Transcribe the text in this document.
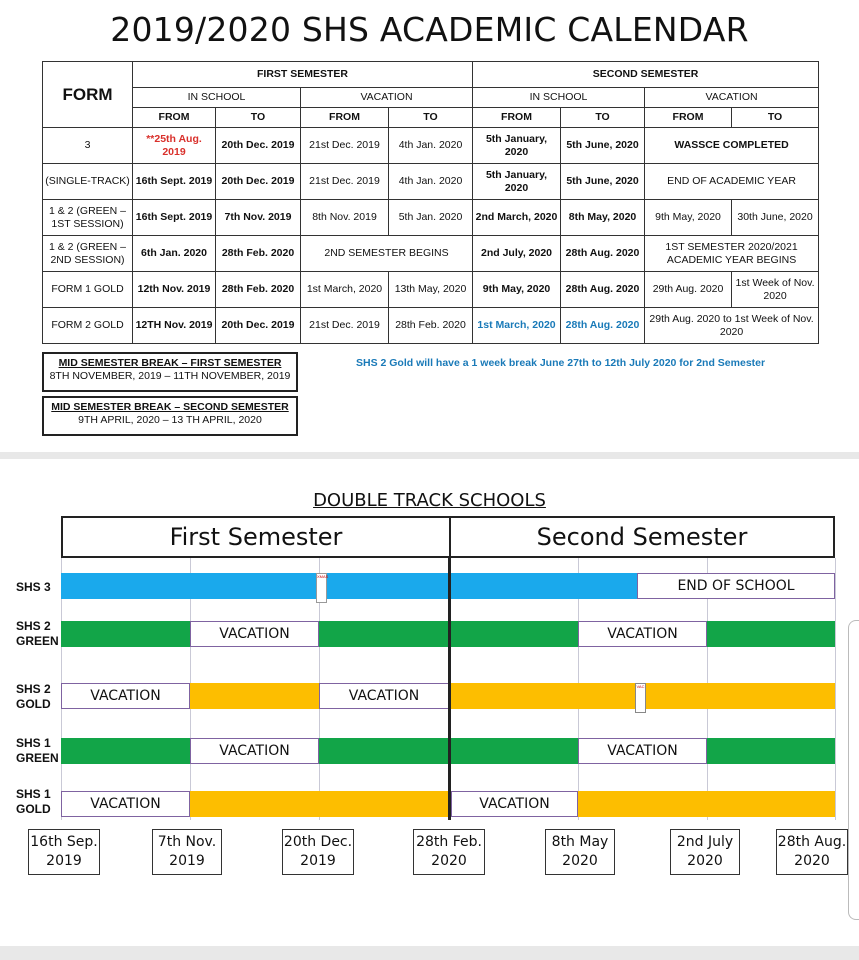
2019/2020 SHS ACADEMIC CALENDAR
FORM	FIRST SEMESTER				SECOND SEMESTER			
	IN SCHOOL		VACATION		IN SCHOOL		VACATION	
	FROM	TO	FROM	TO	FROM	TO	FROM	TO
3	**25th Aug. 2019	20th Dec. 2019	21st Dec. 2019	4th Jan. 2020	5th January, 2020	5th June, 2020	WASSCE COMPLETED	
(SINGLE-TRACK)	16th Sept. 2019	20th Dec. 2019	21st Dec. 2019	4th Jan. 2020	5th January, 2020	5th June, 2020	END OF ACADEMIC YEAR	
1 & 2 (GREEN – 1ST SESSION)	16th Sept. 2019	7th Nov. 2019	8th Nov. 2019	5th Jan. 2020	2nd March, 2020	8th May, 2020	9th May, 2020	30th June, 2020
1 & 2 (GREEN – 2ND SESSION)	6th Jan. 2020	28th Feb. 2020	2ND SEMESTER BEGINS		2nd July, 2020	28th Aug. 2020	1ST SEMESTER 2020/2021 ACADEMIC YEAR BEGINS	
FORM 1 GOLD	12th Nov. 2019	28th Feb. 2020	1st March, 2020	13th May, 2020	9th May, 2020	28th Aug. 2020	29th Aug. 2020	1st Week of Nov. 2020
FORM 2 GOLD	12TH Nov. 2019	20th Dec. 2019	21st Dec. 2019	28th Feb. 2020	1st March, 2020	28th Aug. 2020	29th Aug. 2020 to 1st Week of Nov. 2020	
MID SEMESTER BREAK – FIRST SEMESTER
8TH NOVEMBER, 2019 – 11TH NOVEMBER, 2019
MID SEMESTER BREAK – SECOND SEMESTER
9TH APRIL, 2020 – 13 TH APRIL, 2020
SHS 2 Gold will have a 1 week break June 27th to 12th July 2020 for 2nd Semester
DOUBLE TRACK SCHOOLS
First Semester	Second Semester
SHS 3
SHS 2 GREEN
SHS 2 GOLD
SHS 1 GREEN
SHS 1 GOLD
END OF SCHOOL
XMAS
VACATION	VACATION
VACATION	VACATION
VAC
VACATION	VACATION
VACATION	VACATION
16th Sep. 2019
7th Nov. 2019
20th Dec. 2019
28th Feb. 2020
8th May 2020
2nd July 2020
28th Aug. 2020
